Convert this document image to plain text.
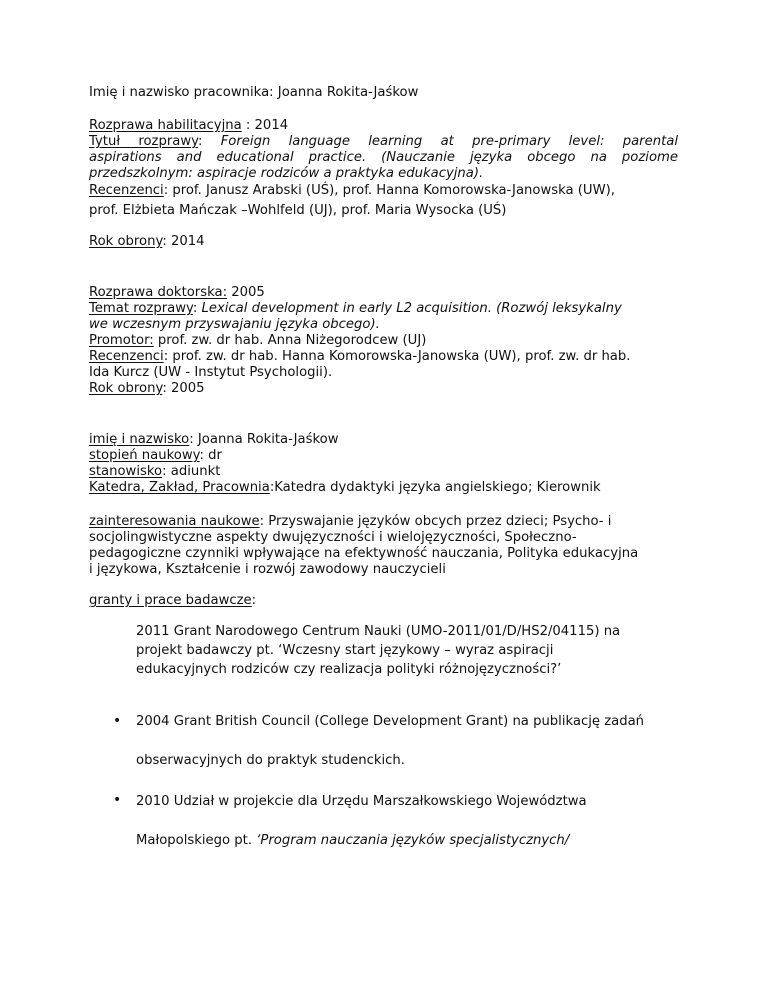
Imię i nazwisko pracownika: Joanna Rokita-Jaśkow
Rozprawa habilitacyjna : 2014
Tytuł rozprawy: Foreign language learning at pre-primary level: parental
aspirations and educational practice. (Nauczanie języka obcego na poziome
przedszkolnym: aspiracje rodziców a praktyka edukacyjna).
Recenzenci: prof. Janusz Arabski (UŚ), prof. Hanna Komorowska-Janowska (UW),
prof. Elżbieta Mańczak –Wohlfeld (UJ), prof. Maria Wysocka (UŚ)
Rok obrony: 2014
Rozprawa doktorska: 2005
Temat rozprawy: Lexical development in early L2 acquisition. (Rozwój leksykalny
we wczesnym przyswajaniu języka obcego).
Promotor: prof. zw. dr hab. Anna Niżegorodcew (UJ)
Recenzenci: prof. zw. dr hab. Hanna Komorowska-Janowska (UW), prof. zw. dr hab.
Ida Kurcz (UW - Instytut Psychologii).
Rok obrony: 2005
imię i nazwisko: Joanna Rokita-Jaśkow
stopień naukowy: dr
stanowisko: adiunkt
Katedra, Zakład, Pracownia:Katedra dydaktyki języka angielskiego; Kierownik
zainteresowania naukowe: Przyswajanie języków obcych przez dzieci; Psycho- i
socjolingwistyczne aspekty dwujęzyczności i wielojęzyczności, Społeczno-
pedagogiczne czynniki wpływające na efektywność nauczania, Polityka edukacyjna
i językowa, Kształcenie i rozwój zawodowy nauczycieli
granty i prace badawcze:
2011 Grant Narodowego Centrum Nauki (UMO-2011/01/D/HS2/04115) na
projekt badawczy pt. ‘Wczesny start językowy – wyraz aspiracji
edukacyjnych rodziców czy realizacja polityki różnojęzyczności?’
• 2004 Grant British Council (College Development Grant) na publikację zadań
obserwacyjnych do praktyk studenckich.
• 2010 Udział w projekcie dla Urzędu Marszałkowskiego Województwa
Małopolskiego pt. ‘Program nauczania języków specjalistycznych/
